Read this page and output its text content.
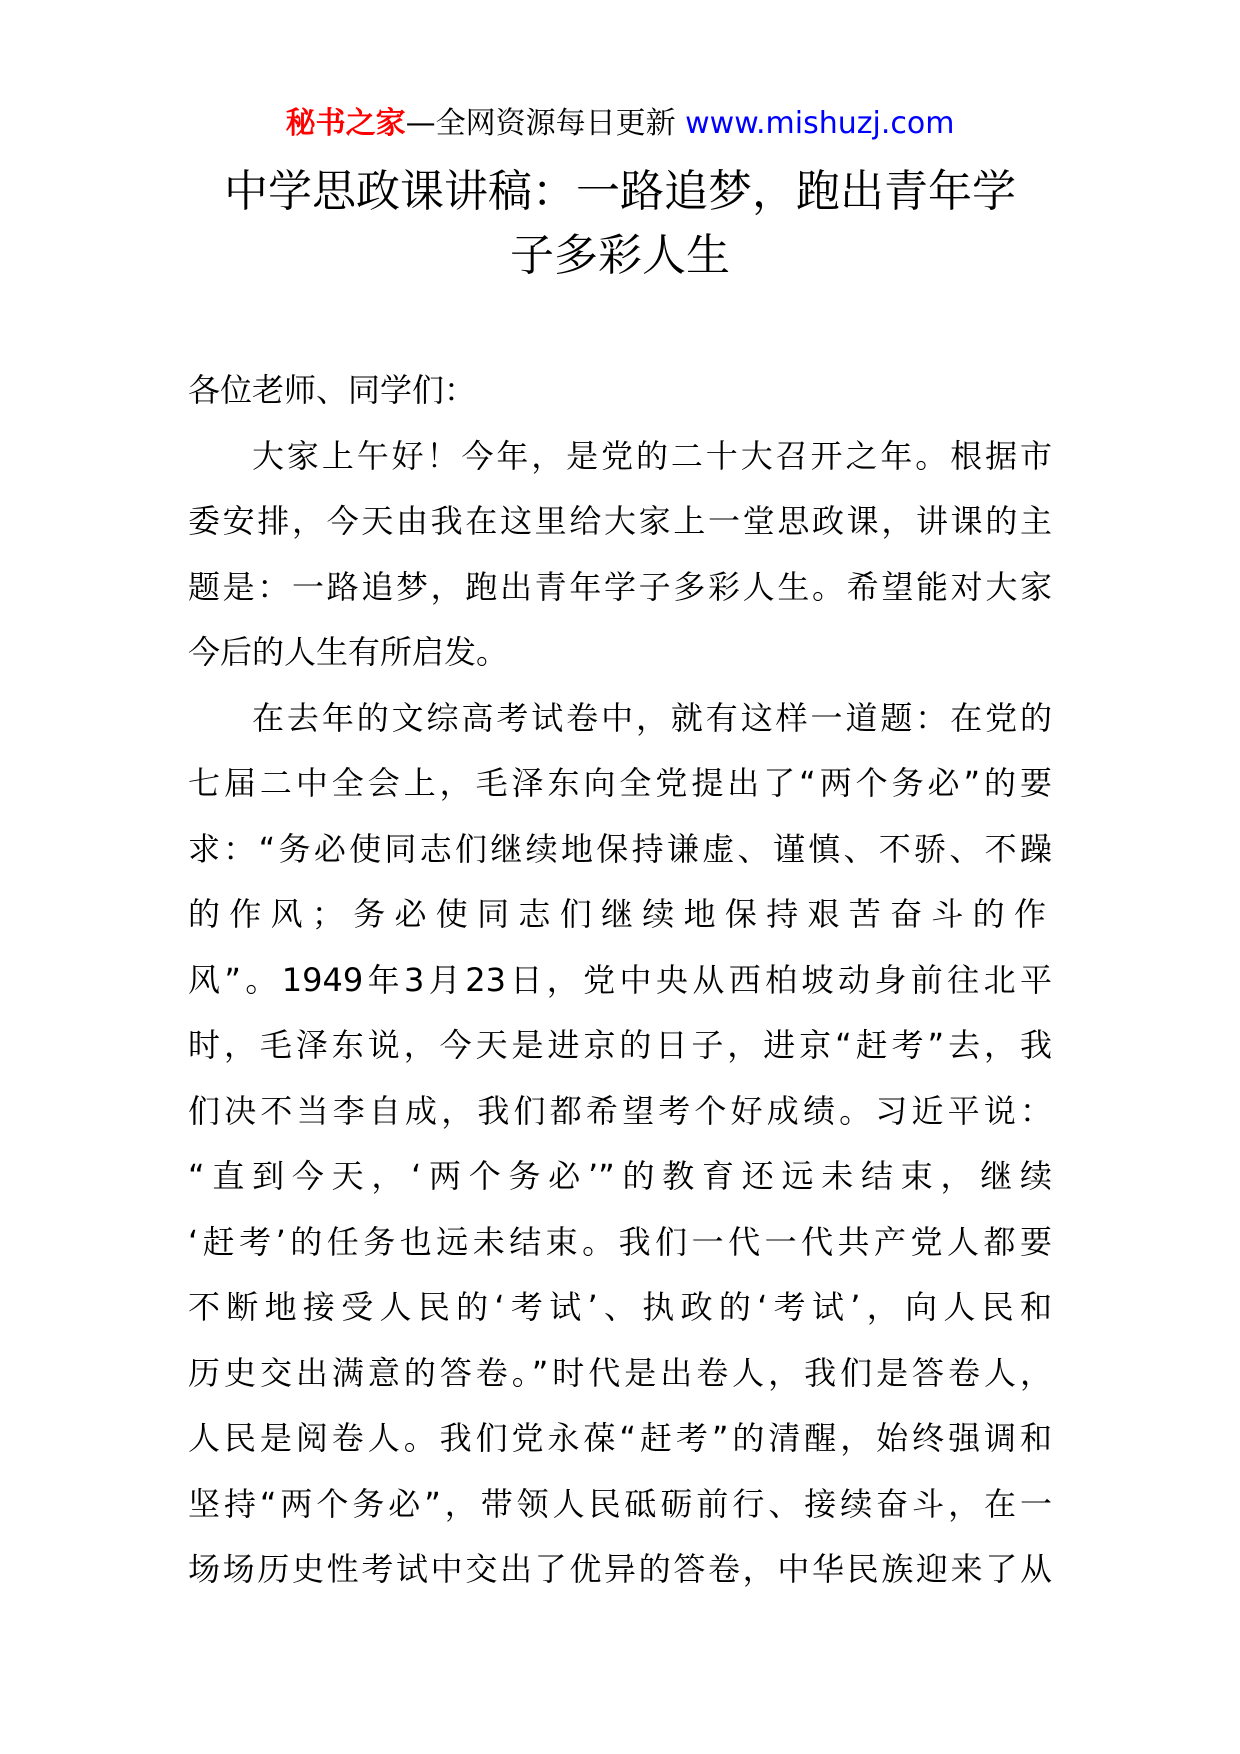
秘书之家—全网资源每日更新 www.mishuzj.com
中学思政课讲稿：一路追梦，跑出青年学
子多彩人生
各位老师、同学们：
大家上午好！今年，是党的二十大召开之年。根据市
委安排，今天由我在这里给大家上一堂思政课，讲课的主
题是：一路追梦，跑出青年学子多彩人生。希望能对大家
今后的人生有所启发。
在去年的文综高考试卷中，就有这样一道题：在党的
七届二中全会上，毛泽东向全党提出了“两个务必”的要
求：“务必使同志们继续地保持谦虚、谨慎、不骄、不躁
的作风；务必使同志们继续地保持艰苦奋斗的作
风”。1949年3月23日，党中央从西柏坡动身前往北平
时，毛泽东说，今天是进京的日子，进京“赶考”去，我
们决不当李自成，我们都希望考个好成绩。习近平说：
“直到今天，‘两个务必’”的教育还远未结束，继续
‘赶考’的任务也远未结束。我们一代一代共产党人都要
不断地接受人民的‘考试’、执政的‘考试’，向人民和
历史交出满意的答卷。”时代是出卷人，我们是答卷人，
人民是阅卷人。我们党永葆“赶考”的清醒，始终强调和
坚持“两个务必”，带领人民砥砺前行、接续奋斗，在一
场场历史性考试中交出了优异的答卷，中华民族迎来了从
